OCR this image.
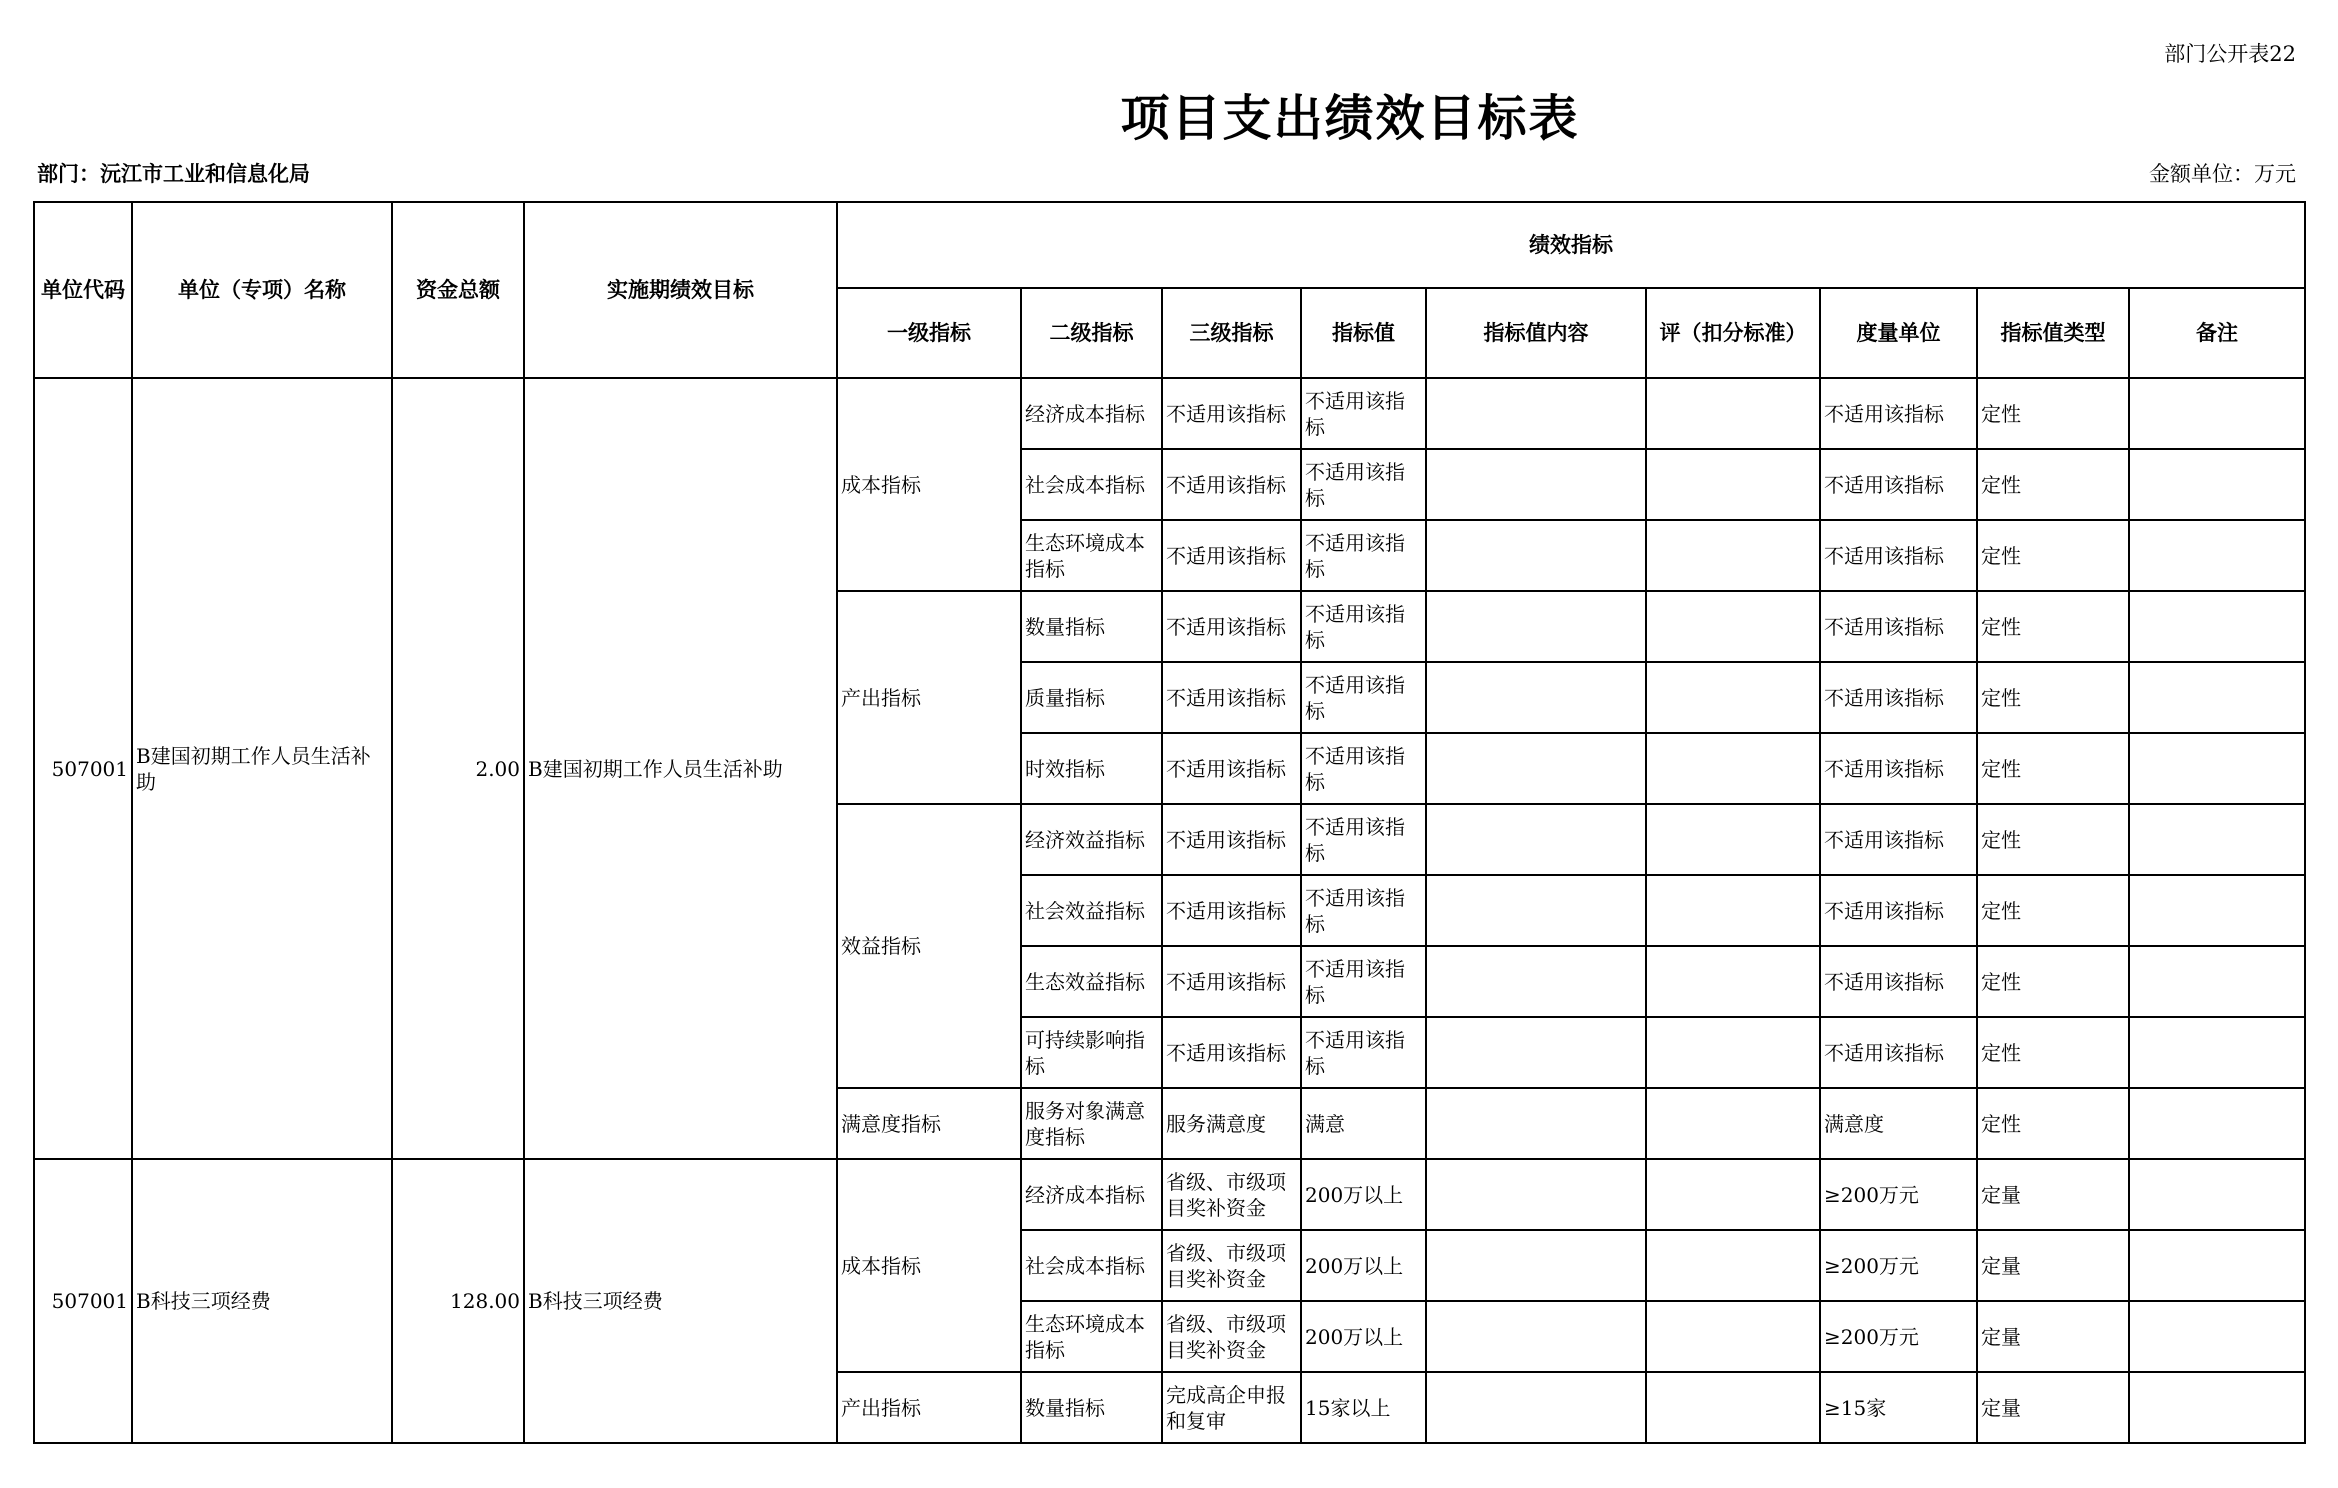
部门公开表22
项目支出绩效目标表
部门：沅江市工业和信息化局	金额单位：万元
单位代码	单位（专项）名称	资金总额	实施期绩效目标	绩效指标								
				一级指标	二级指标	三级指标	指标值	指标值内容	评（扣分标准）	度量单位	指标值类型	备注
507001	B建国初期工作人员生活补助	2.00	B建国初期工作人员生活补助	成本指标	经济成本指标	不适用该指标	不适用该指标			不适用该指标	定性	
					社会成本指标	不适用该指标	不适用该指标			不适用该指标	定性	
					生态环境成本指标	不适用该指标	不适用该指标			不适用该指标	定性	
				产出指标	数量指标	不适用该指标	不适用该指标			不适用该指标	定性	
					质量指标	不适用该指标	不适用该指标			不适用该指标	定性	
					时效指标	不适用该指标	不适用该指标			不适用该指标	定性	
				效益指标	经济效益指标	不适用该指标	不适用该指标			不适用该指标	定性	
					社会效益指标	不适用该指标	不适用该指标			不适用该指标	定性	
					生态效益指标	不适用该指标	不适用该指标			不适用该指标	定性	
					可持续影响指标	不适用该指标	不适用该指标			不适用该指标	定性	
				满意度指标	服务对象满意度指标	服务满意度	满意			满意度	定性	
507001	B科技三项经费	128.00	B科技三项经费	成本指标	经济成本指标	省级、市级项目奖补资金	200万以上			≥200万元	定量	
					社会成本指标	省级、市级项目奖补资金	200万以上			≥200万元	定量	
					生态环境成本指标	省级、市级项目奖补资金	200万以上			≥200万元	定量	
				产出指标	数量指标	完成高企申报和复审	15家以上			≥15家	定量	
